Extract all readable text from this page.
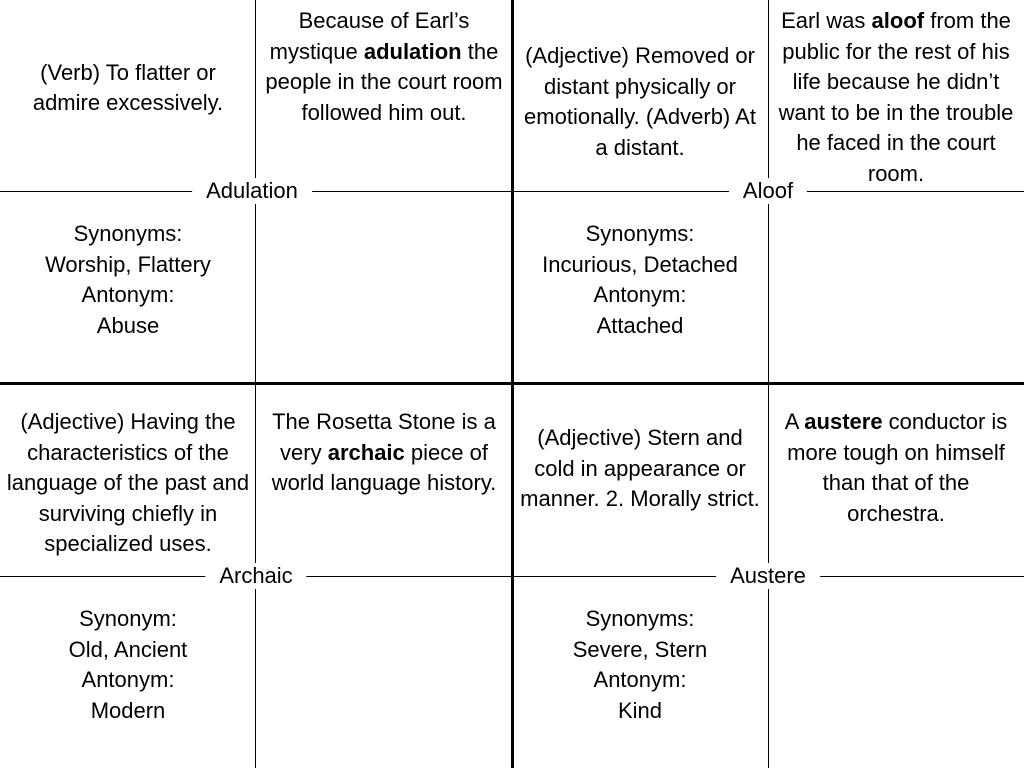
(Verb) To flatter or admire excessively.
Because of Earl’s mystique adulation the people in the court room followed him out.
Synonyms:
Worship, Flattery
Antonym:
Abuse
Adulation
(Adjective) Removed or distant physically or emotionally. (Adverb) At a distant.
Earl was aloof from the public for the rest of his life because he didn’t want to be in the trouble he faced in the court room.
Synonyms:
Incurious, Detached
Antonym:
Attached
Aloof
(Adjective) Having the characteristics of the language of the past and surviving chiefly in specialized uses.
The Rosetta Stone is a very archaic piece of world language history.
Synonym:
Old, Ancient
Antonym:
Modern
Archaic
(Adjective) Stern and cold in appearance or manner. 2. Morally strict.
A austere conductor is more tough on himself than that of the orchestra.
Synonyms:
Severe, Stern
Antonym:
Kind
Austere
